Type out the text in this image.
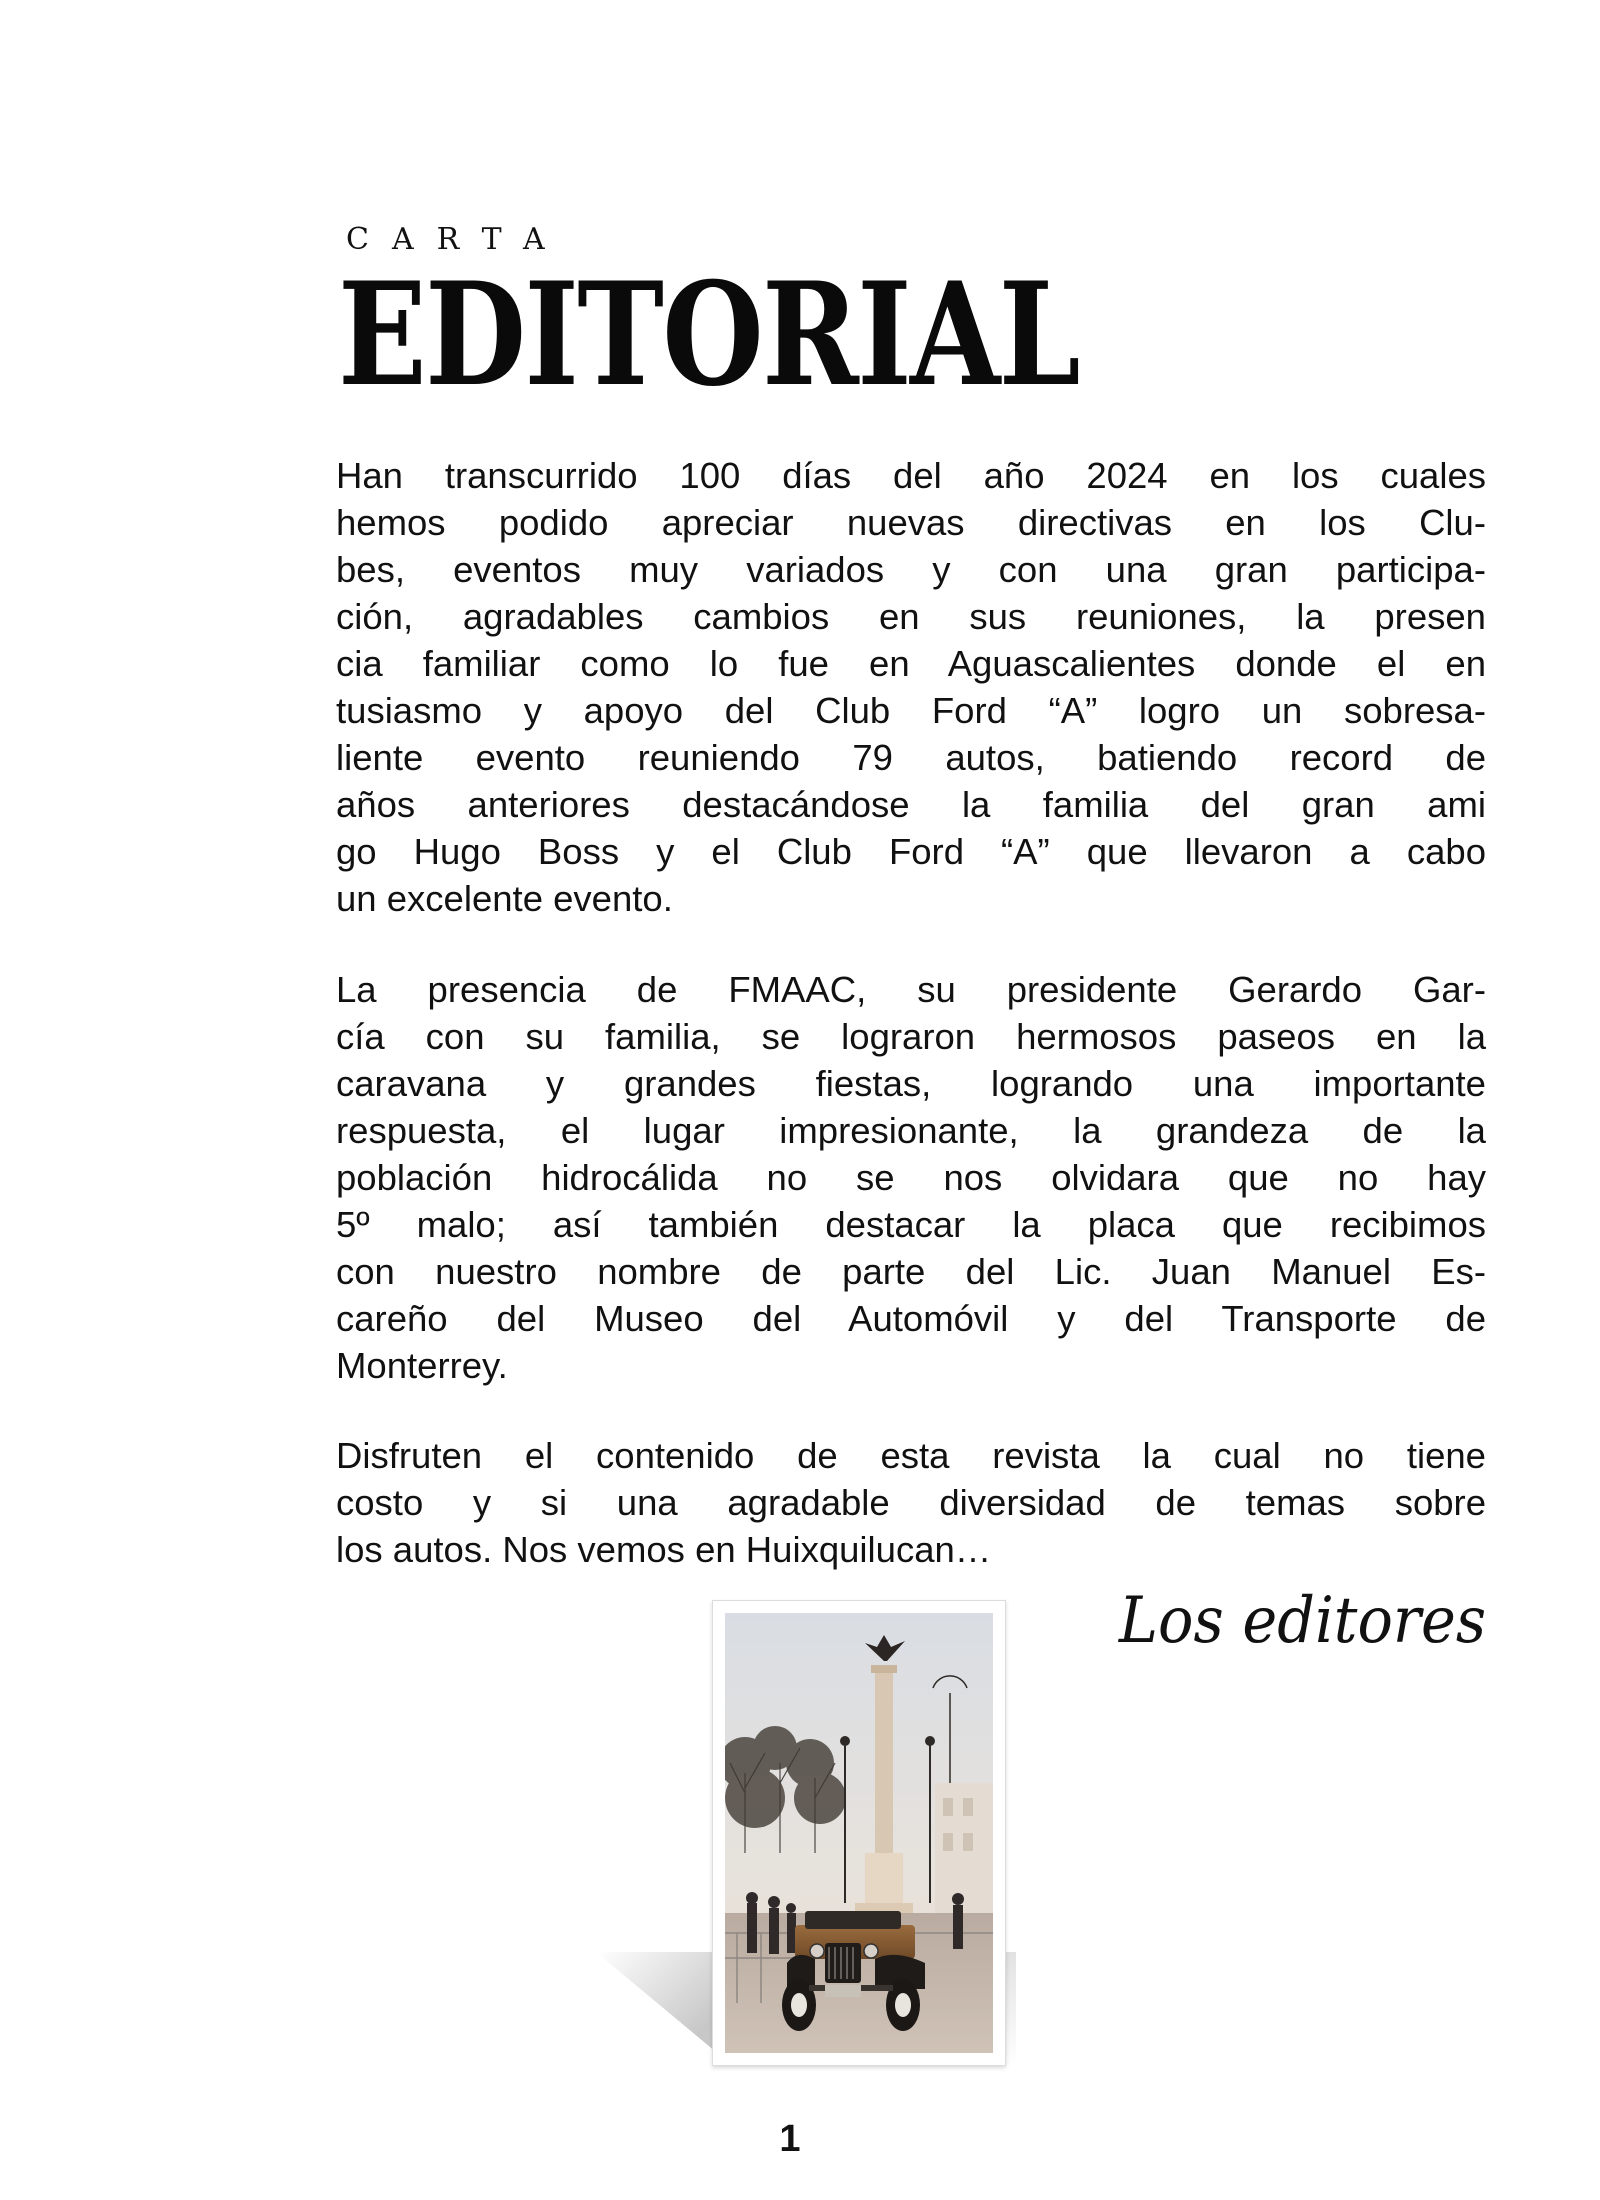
CARTA

EDITORIAL
Han transcurrido 100 días del año 2024 en los cuales
hemos podido apreciar nuevas directivas en los Clu-
bes, eventos muy variados y con una gran participa-
ción, agradables cambios en sus reuniones, la presen
cia familiar como lo fue en Aguascalientes donde el en
tusiasmo y apoyo del Club Ford “A” logro un sobresa-
liente evento reuniendo 79 autos, batiendo record de
años anteriores destacándose la familia del gran ami
go Hugo Boss y el Club Ford “A” que llevaron a cabo
un excelente evento.
La presencia de FMAAC, su presidente Gerardo Gar-
cía con su familia, se lograron hermosos paseos en la
caravana y grandes fiestas, logrando una importante
respuesta, el lugar impresionante, la grandeza de la
población hidrocálida no se nos olvidara que no hay
5º malo; así también destacar la placa que recibimos
con nuestro nombre de parte del Lic. Juan Manuel Es-
careño del Museo del Automóvil y del Transporte de
Monterrey.
Disfruten el contenido de esta revista la cual no tiene
costo y si una agradable diversidad de temas sobre
los autos. Nos vemos en Huixquilucan…

Los editores

1
